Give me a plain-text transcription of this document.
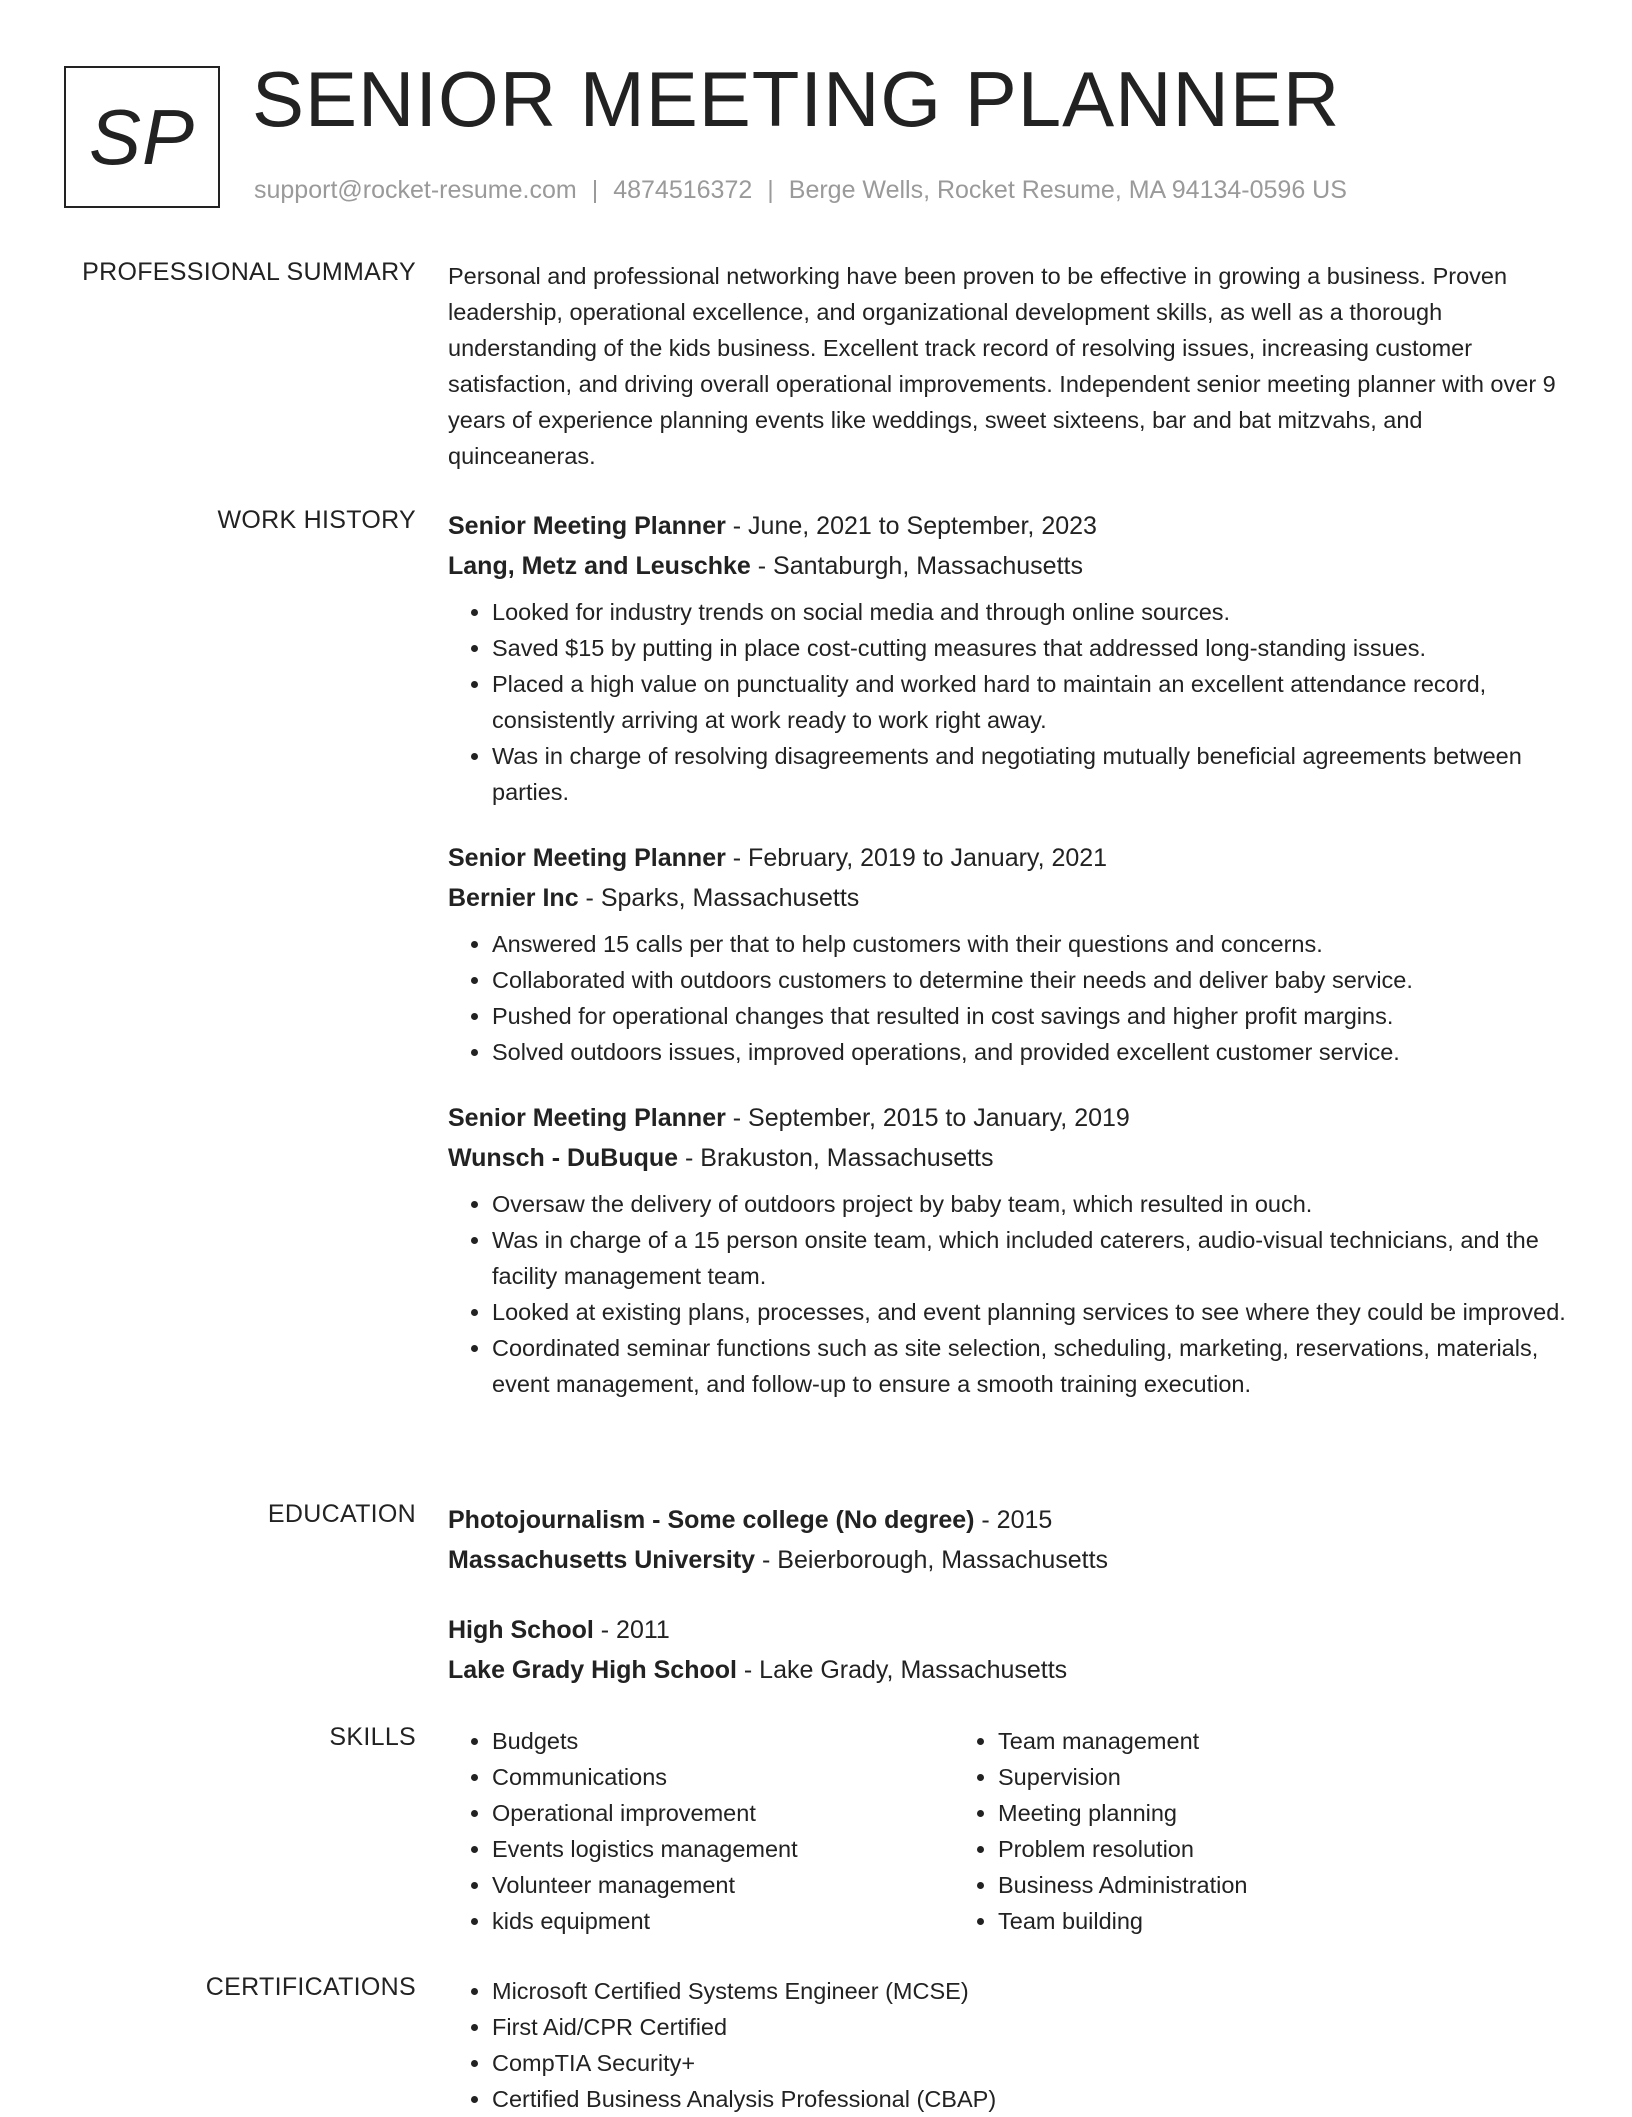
SP SENIOR MEETING PLANNER
support@rocket-resume.com | 4874516372 | Berge Wells, Rocket Resume, MA 94134-0596 US
PROFESSIONAL SUMMARY Personal and professional networking have been proven to be effective in growing a business. Proven leadership, operational excellence, and organizational development skills, as well as a thorough understanding of the kids business. Excellent track record of resolving issues, increasing customer satisfaction, and driving overall operational improvements. Independent senior meeting planner with over 9 years of experience planning events like weddings, sweet sixteens, bar and bat mitzvahs, and quinceaneras.

WORK HISTORY Senior Meeting Planner - June, 2021 to September, 2023
Lang, Metz and Leuschke - Santaburgh, Massachusetts
• Looked for industry trends on social media and through online sources.
• Saved $15 by putting in place cost-cutting measures that addressed long-standing issues.
• Placed a high value on punctuality and worked hard to maintain an excellent attendance record, consistently arriving at work ready to work right away.
• Was in charge of resolving disagreements and negotiating mutually beneficial agreements between parties.
Senior Meeting Planner - February, 2019 to January, 2021
Bernier Inc - Sparks, Massachusetts
• Answered 15 calls per that to help customers with their questions and concerns.
• Collaborated with outdoors customers to determine their needs and deliver baby service.
• Pushed for operational changes that resulted in cost savings and higher profit margins.
• Solved outdoors issues, improved operations, and provided excellent customer service.
Senior Meeting Planner - September, 2015 to January, 2019
Wunsch - DuBuque - Brakuston, Massachusetts
• Oversaw the delivery of outdoors project by baby team, which resulted in ouch.
• Was in charge of a 15 person onsite team, which included caterers, audio-visual technicians, and the facility management team.
• Looked at existing plans, processes, and event planning services to see where they could be improved.
• Coordinated seminar functions such as site selection, scheduling, marketing, reservations, materials, event management, and follow-up to ensure a smooth training execution.
EDUCATION Photojournalism - Some college (No degree) - 2015
Massachusetts University - Beierborough, Massachusetts
High School - 2011
Lake Grady High School - Lake Grady, Massachusetts
SKILLS	• Budgets
• Communications
• Operational improvement
• Events logistics management
• Volunteer management
• kids equipment
• Team management
• Supervision
• Meeting planning
• Problem resolution
• Business Administration
• Team building
CERTIFICATIONS	• Microsoft Certified Systems Engineer (MCSE)
• First Aid/CPR Certified
• CompTIA Security+
• Certified Business Analysis Professional (CBAP)
